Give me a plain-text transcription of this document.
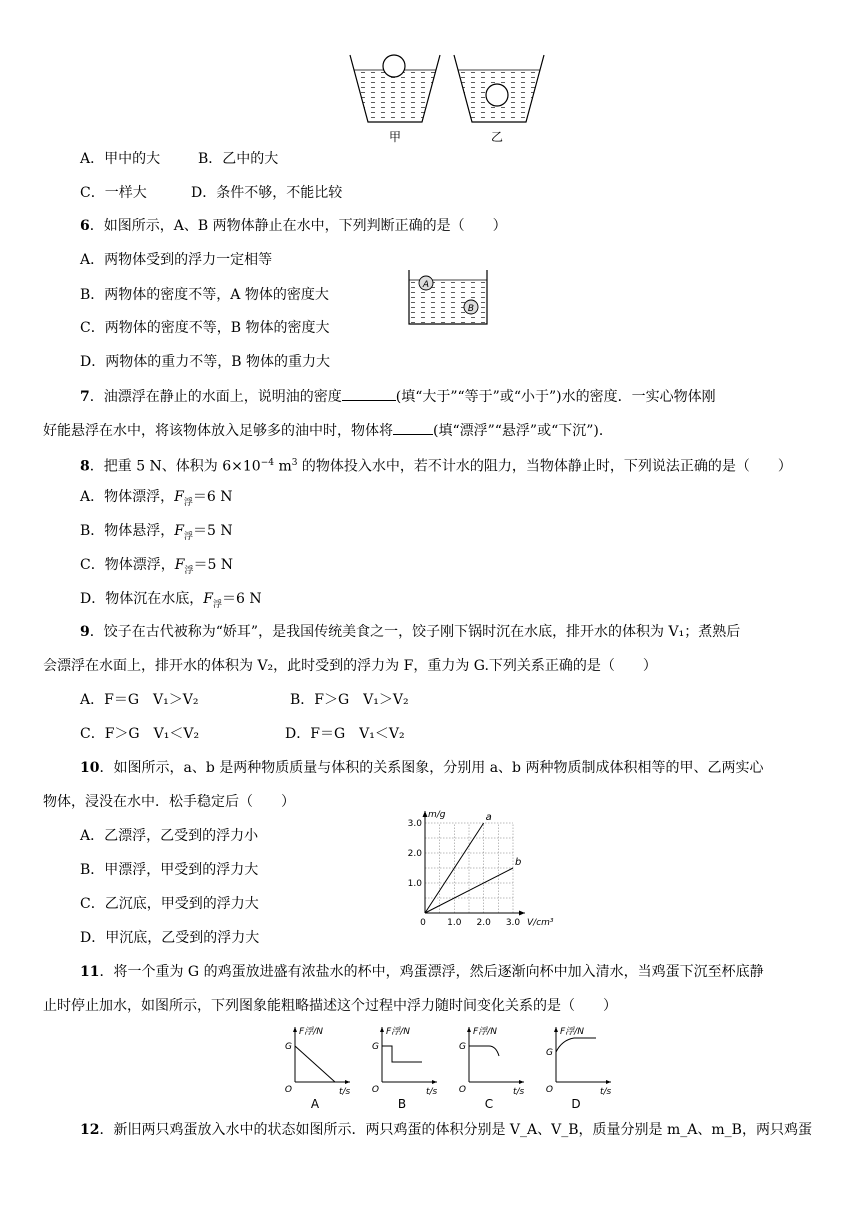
甲	乙
A．甲中的大	B．乙中的大
C．一样大	D．条件不够，不能比较
6．如图所示，A、B 两物体静止在水中，下列判断正确的是（　　）
A．两物体受到的浮力一定相等
B．两物体的密度不等，A 物体的密度大
C．两物体的密度不等，B 物体的密度大
D．两物体的重力不等，B 物体的重力大
A
B
7．油漂浮在静止的水面上，说明油的密度	(填“大于”“等于”或“小于”)水的密度．一实心物体刚
好能悬浮在水中，将该物体放入足够多的油中时，物体将	(填“漂浮”“悬浮”或“下沉”)．
8．把重 5 N、体积为 $6\times 10^{-4}$ $m^3$ 的物体投入水中，若不计水的阻力，当物体静止时，下列说法正确的是（　　）
A．物体漂浮，$F_浮=6$ N
B．物体悬浮，$F_浮=5$ N
C．物体漂浮，$F_浮=5$ N
D．物体沉在水底，$F_浮=6$ N
9．饺子在古代被称为“娇耳”，是我国传统美食之一，饺子刚下锅时沉在水底，排开水的体积为 V₁；煮熟后
会漂浮在水面上，排开水的体积为 V₂，此时受到的浮力为 F，重力为 G.下列关系正确的是（　　）
A．F＝G　V₁＞V₂	B．F＞G　V₁＞V₂
C．F＞G　V₁＜V₂	D．F＝G　V₁＜V₂
10．如图所示，a、b 是两种物质质量与体积的关系图象，分别用 a、b 两种物质制成体积相等的甲、乙两实心
物体，浸没在水中．松手稳定后（　　）
A．乙漂浮，乙受到的浮力小
B．甲漂浮，甲受到的浮力大
C．乙沉底，甲受到的浮力大
D．甲沉底，乙受到的浮力大
1.0 2.0 3.0
1.0
2.0
3.0
0
m/g
V/cm³
a
b
11．将一个重为 G 的鸡蛋放进盛有浓盐水的杯中，鸡蛋漂浮，然后逐渐向杯中加入清水，当鸡蛋下沉至杯底静
止时停止加水，如图所示，下列图象能粗略描述这个过程中浮力随时间变化关系的是（　　）
F浮/N
t/s
G
O
A
F浮/N
t/s
G
O
B
F浮/N
t/s
G
O
C
F浮/N
t/s
G
O
D
12．新旧两只鸡蛋放入水中的状态如图所示．两只鸡蛋的体积分别是 V_A、V_B，质量分别是 m_A、m_B，两只鸡蛋
